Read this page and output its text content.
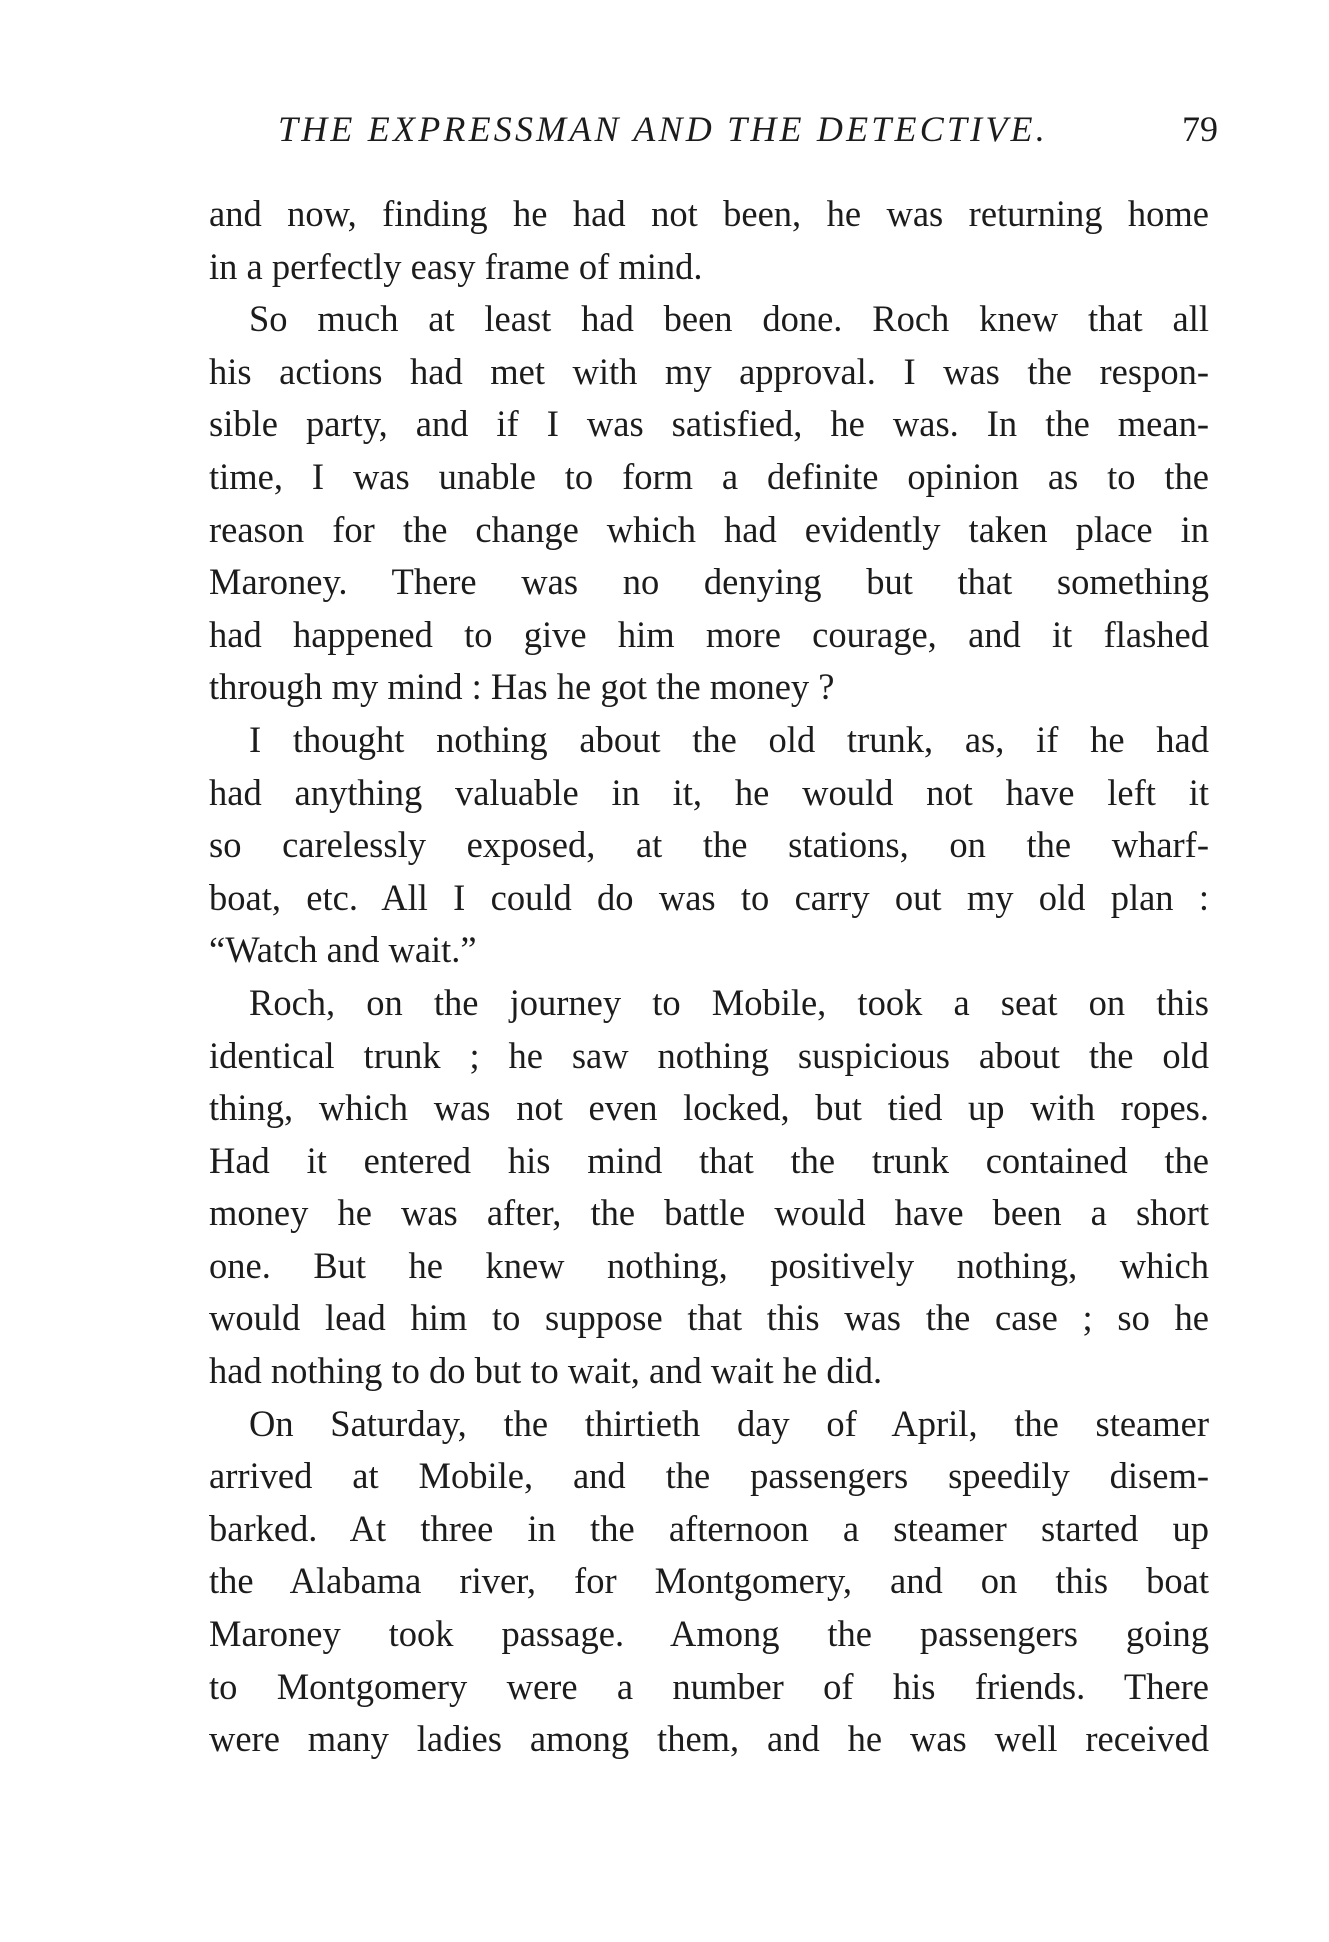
THE EXPRESSMAN AND THE DETECTIVE.	79
and now, finding he had not been, he was returning home
in a perfectly easy frame of mind.
So much at least had been done. Roch knew that all
his actions had met with my approval. I was the respon-
sible party, and if I was satisfied, he was. In the mean-
time, I was unable to form a definite opinion as to the
reason for the change which had evidently taken place in
Maroney. There was no denying but that something
had happened to give him more courage, and it flashed
through my mind : Has he got the money ?
I thought nothing about the old trunk, as, if he had
had anything valuable in it, he would not have left it
so carelessly exposed, at the stations, on the wharf-
boat, etc. All I could do was to carry out my old plan :
“Watch and wait.”
Roch, on the journey to Mobile, took a seat on this
identical trunk ; he saw nothing suspicious about the old
thing, which was not even locked, but tied up with ropes.
Had it entered his mind that the trunk contained the
money he was after, the battle would have been a short
one. But he knew nothing, positively nothing, which
would lead him to suppose that this was the case ; so he
had nothing to do but to wait, and wait he did.
On Saturday, the thirtieth day of April, the steamer
arrived at Mobile, and the passengers speedily disem-
barked. At three in the afternoon a steamer started up
the Alabama river, for Montgomery, and on this boat
Maroney took passage. Among the passengers going
to Montgomery were a number of his friends. There
were many ladies among them, and he was well received
